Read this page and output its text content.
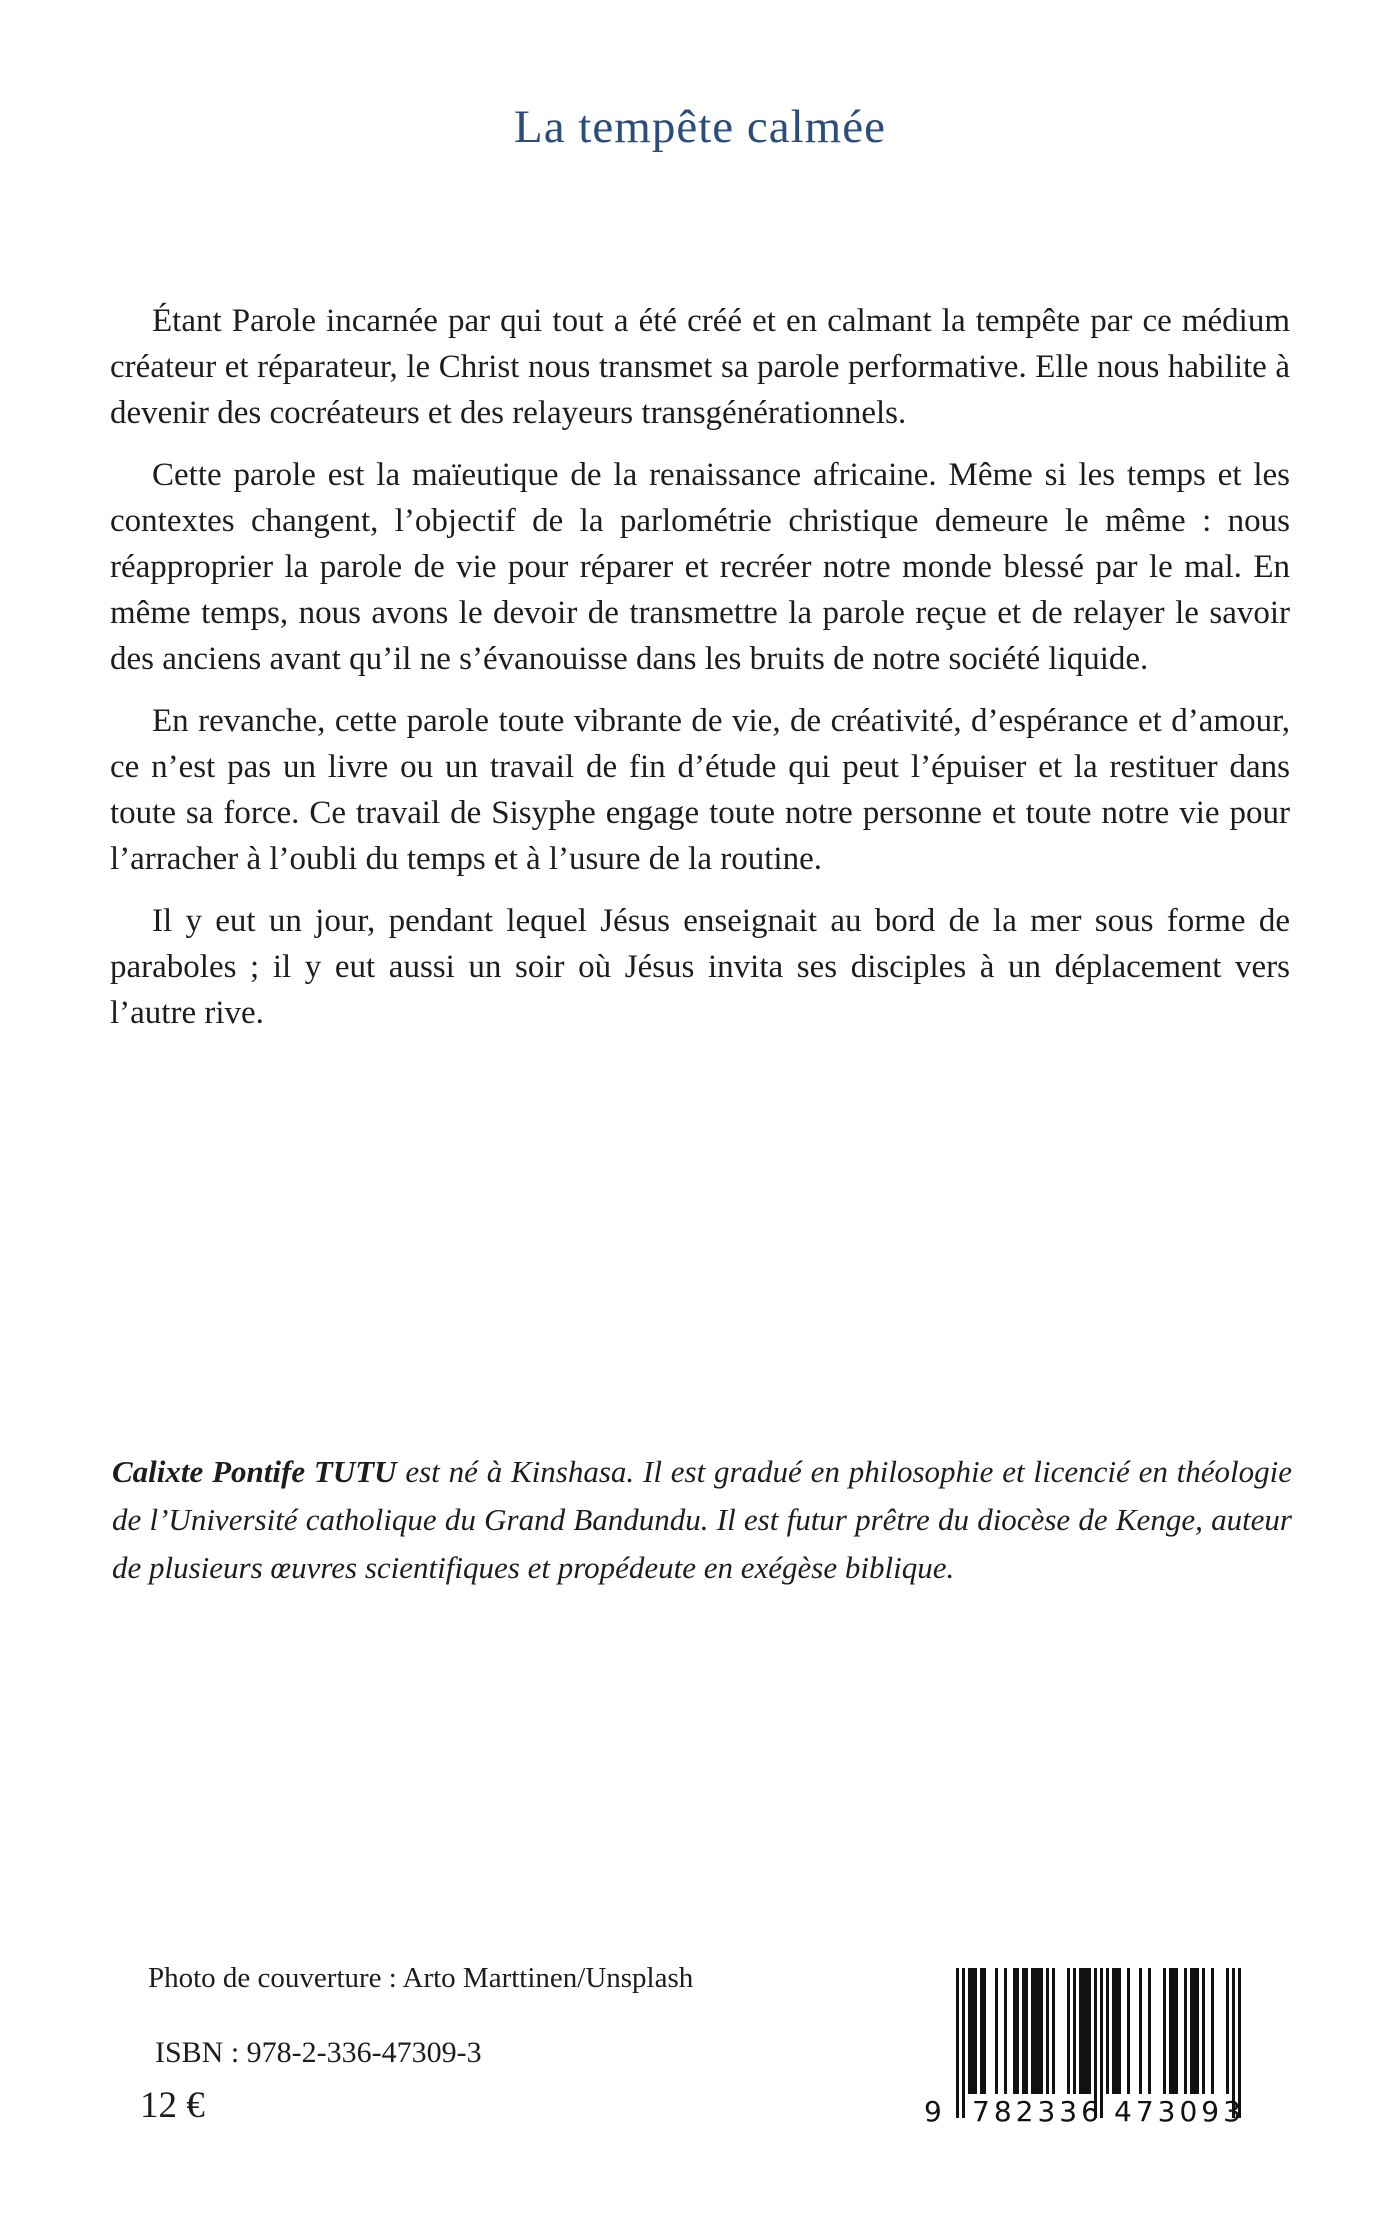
La tempête calmée

Étant Parole incarnée par qui tout a été créé et en calmant la tempête par ce médium créateur et réparateur, le Christ nous transmet sa parole performative. Elle nous habilite à devenir des cocréateurs et des relayeurs transgénérationnels.

Cette parole est la maïeutique de la renaissance africaine. Même si les temps et les contextes changent, l’objectif de la parlométrie christique demeure le même : nous réapproprier la parole de vie pour réparer et recréer notre monde blessé par le mal. En même temps, nous avons le devoir de transmettre la parole reçue et de relayer le savoir des anciens avant qu’il ne s’évanouisse dans les bruits de notre société liquide.

En revanche, cette parole toute vibrante de vie, de créativité, d’espérance et d’amour, ce n’est pas un livre ou un travail de fin d’étude qui peut l’épuiser et la restituer dans toute sa force. Ce travail de Sisyphe engage toute notre personne et toute notre vie pour l’arracher à l’oubli du temps et à l’usure de la routine.

Il y eut un jour, pendant lequel Jésus enseignait au bord de la mer sous forme de paraboles ; il y eut aussi un soir où Jésus invita ses disciples à un déplacement vers l’autre rive.

Calixte Pontife TUTU est né à Kinshasa. Il est gradué en philosophie et licencié en théologie de l’Université catholique du Grand Bandundu. Il est futur prêtre du diocèse de Kenge, auteur de plusieurs œuvres scientifiques et propédeute en exégèse biblique.
Photo de couverture : Arto Marttinen/Unsplash
ISBN : 978-2-336-47309-3
12 €	9 782336 473093
